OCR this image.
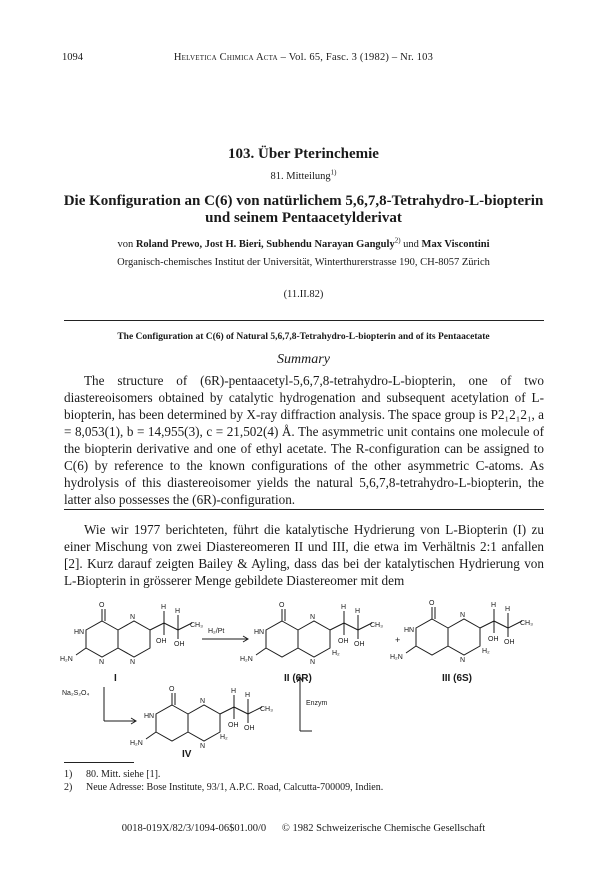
1094	Helvetica Chimica Acta – Vol. 65, Fasc. 3 (1982) – Nr. 103
103. Über Pterinchemie
81. Mitteilung$^{1)}$
Die Konfiguration an C(6) von natürlichem 5,6,7,8-Tetrahydro-L-biopterin und seinem Pentaacetylderivat
von Roland Prewo, Jost H. Bieri, Subhendu Narayan Ganguly$^{2)}$ und Max Viscontini
Organisch-chemisches Institut der Universität, Winterthurerstrasse 190, CH-8057 Zürich
(11.II.82)
The Configuration at C(6) of Natural 5,6,7,8-Tetrahydro-L-biopterin and of its Pentaacetate
Summary

The structure of (6R)-pentaacetyl-5,6,7,8-tetrahydro-L-biopterin, one of two diastereoisomers obtained by catalytic hydrogenation and subsequent acetylation of L-biopterin, has been determined by X-ray diffraction analysis. The space group is P2₁2₁2₁, a = 8,053(1), b = 14,955(3), c = 21,502(4) Å. The asymmetric unit contains one molecule of the biopterin derivative and one of ethyl acetate. The R-configuration can be assigned to C(6) by reference to the known configurations of the other asymmetric C-atoms. As hydrolysis of this diastereoisomer yields the natural 5,6,7,8-tetrahydro-L-biopterin, the latter also possesses the (6R)-configuration.

Wie wir 1977 berichteten, führt die katalytische Hydrierung von L-Biopterin (I) zu einer Mischung von zwei Diastereomeren II und III, die etwa im Verhältnis 2:1 anfallen [2]. Kurz darauf zeigten Bailey & Ayling, dass das bei der katalytischen Hydrierung von L-Biopterin in grösserer Menge gebildete Diastereomer mit dem

O
HN
H₂N
H
H
CH₃
OH OH
N
N
N
H₂/Pt
O
HN
H₂N
H
H
CH₃
OH OH
H₂
N
N
+
O
HN
H₂N
H
H
CH₃
OH OH
H₂
N
N
Na₂S₂O₄
O
HN
H₂N
H
H
CH₃
OH OH
H₂
N
N
Enzym
I	II (6R)	III (6S)
IV
1) 80. Mitt. siehe [1].
2) Neue Adresse: Bose Institute, 93/1, A.P.C. Road, Calcutta-700009, Indien.
0018-019X/82/3/1094-06$01.00/0 © 1982 Schweizerische Chemische Gesellschaft
